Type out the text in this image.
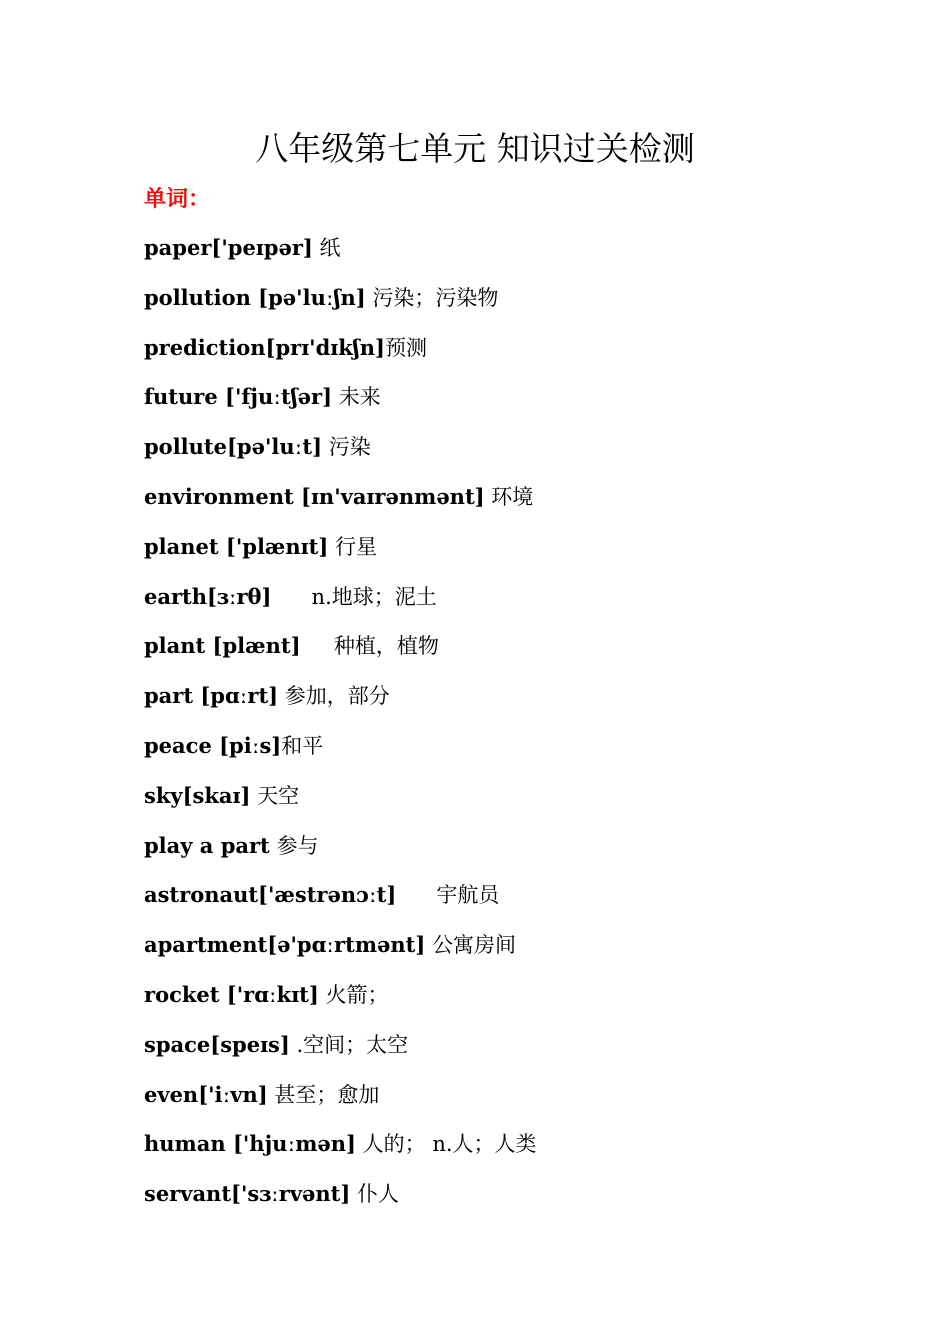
八年级第七单元 知识过关检测
单词：
paper['peɪpər] 纸
pollution [pə'luːʃn] 污染；污染物
prediction[prɪ'dɪkʃn]预测
future ['fjuːtʃər] 未来
pollute[pə'luːt] 污染
environment [ɪn'vaɪrənmənt] 环境
planet ['plænɪt] 行星
earth[ɜːrθ]      n.地球；泥土
plant [plænt]     种植，植物
part [pɑːrt] 参加，部分
peace [piːs]和平
sky[skaɪ] 天空
play a part 参与
astronaut['æstrənɔːt]      宇航员
apartment[ə'pɑːrtmənt] 公寓房间
rocket ['rɑːkɪt] 火箭；
space[speɪs] .空间；太空
even['iːvn] 甚至；愈加
human ['hjuːmən] 人的； n.人；人类
servant['sɜːrvənt] 仆人
